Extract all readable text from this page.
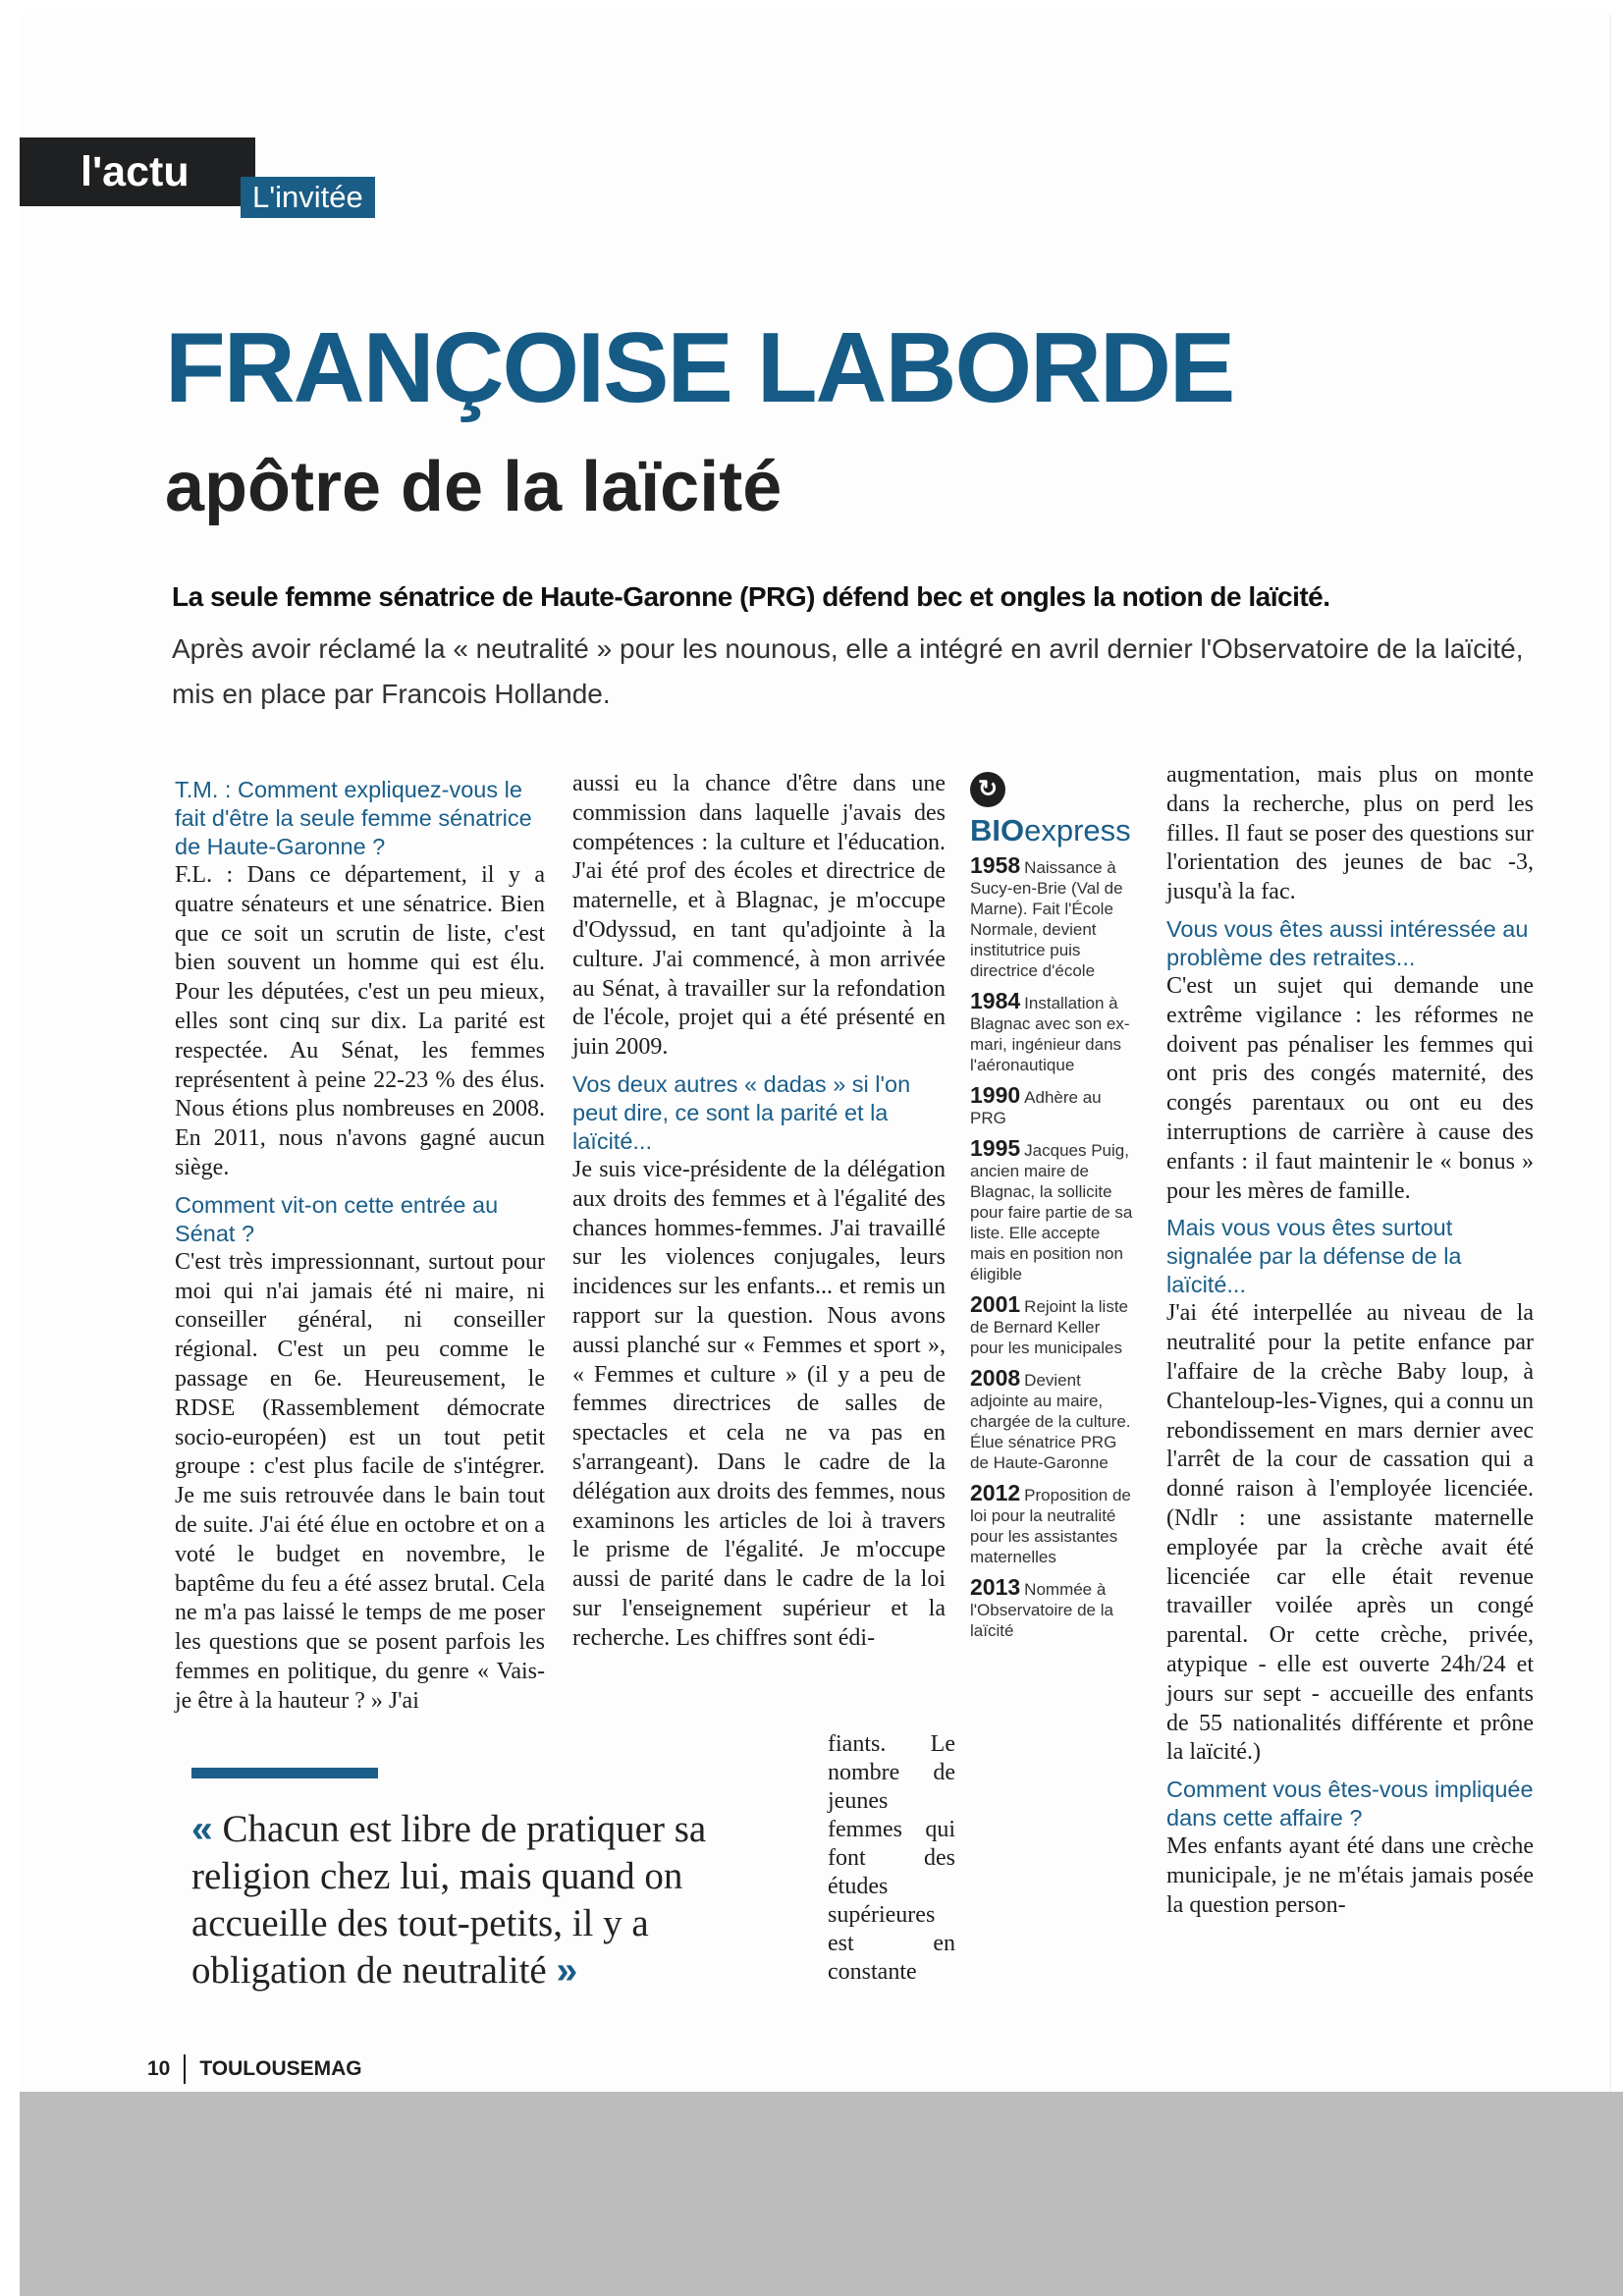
l'actu
L'invitée
FRANÇOISE LABORDE
apôtre de la laïcité

La seule femme sénatrice de Haute-Garonne (PRG) défend bec et ongles la notion de laïcité.

Après avoir réclamé la « neutralité » pour les nounous, elle a intégré en avril dernier l'Observatoire de la laïcité, mis en place par Francois Hollande.

T.M. : Comment expliquez-vous le fait d'être la seule femme sénatrice de Haute-Garonne ?

F.L. : Dans ce département, il y a quatre sénateurs et une sénatrice. Bien que ce soit un scrutin de liste, c'est bien souvent un homme qui est élu. Pour les députées, c'est un peu mieux, elles sont cinq sur dix. La parité est respectée. Au Sénat, les femmes représentent à peine 22-23 % des élus. Nous étions plus nombreuses en 2008. En 2011, nous n'avons gagné aucun siège.

Comment vit-on cette entrée au Sénat ?

C'est très impressionnant, surtout pour moi qui n'ai jamais été ni maire, ni conseiller général, ni conseiller régional. C'est un peu comme le passage en 6e. Heureusement, le RDSE (Rassemblement démocrate socio-européen) est un tout petit groupe : c'est plus facile de s'intégrer. Je me suis retrouvée dans le bain tout de suite. J'ai été élue en octobre et on a voté le budget en novembre, le baptême du feu a été assez brutal. Cela ne m'a pas laissé le temps de me poser les questions que se posent parfois les femmes en politique, du genre « Vais-je être à la hauteur ? » J'ai

aussi eu la chance d'être dans une commission dans laquelle j'avais des compétences : la culture et l'éducation. J'ai été prof des écoles et directrice de maternelle, et à Blagnac, je m'occupe d'Odyssud, en tant qu'adjointe à la culture. J'ai commencé, à mon arrivée au Sénat, à travailler sur la refondation de l'école, projet qui a été présenté en juin 2009.

Vos deux autres « dadas » si l'on peut dire, ce sont la parité et la laïcité...

Je suis vice-présidente de la délégation aux droits des femmes et à l'égalité des chances hommes-femmes. J'ai travaillé sur les violences conjugales, leurs incidences sur les enfants... et remis un rapport sur la question. Nous avons aussi planché sur « Femmes et sport », « Femmes et culture » (il y a peu de femmes directrices de salles de spectacles et cela ne va pas en s'arrangeant). Dans le cadre de la délégation aux droits des femmes, nous examinons les articles de loi à travers le prisme de l'égalité. Je m'occupe aussi de parité dans le cadre de la loi sur l'enseignement supérieur et la recherche. Les chiffres sont édi-

fiants. Le nombre de jeunes femmes qui font des études supérieures est en constante

↻
BIOexpress
1958 Naissance à Sucy-en-Brie (Val de Marne). Fait l'École Normale, devient institutrice puis directrice d'école
1984 Installation à Blagnac avec son ex-mari, ingénieur dans l'aéronautique
1990 Adhère au PRG
1995 Jacques Puig, ancien maire de Blagnac, la sollicite pour faire partie de sa liste. Elle accepte mais en position non éligible
2001 Rejoint la liste de Bernard Keller pour les municipales
2008 Devient adjointe au maire, chargée de la culture. Élue sénatrice PRG de Haute-Garonne
2012 Proposition de loi pour la neutralité pour les assistantes maternelles
2013 Nommée à l'Observatoire de la laïcité

augmentation, mais plus on monte dans la recherche, plus on perd les filles. Il faut se poser des questions sur l'orientation des jeunes de bac -3, jusqu'à la fac.

Vous vous êtes aussi intéressée au problème des retraites...

C'est un sujet qui demande une extrême vigilance : les réformes ne doivent pas pénaliser les femmes qui ont pris des congés maternité, des congés parentaux ou ont eu des interruptions de carrière à cause des enfants : il faut maintenir le « bonus » pour les mères de famille.

Mais vous vous êtes surtout signalée par la défense de la laïcité...

J'ai été interpellée au niveau de la neutralité pour la petite enfance par l'affaire de la crèche Baby loup, à Chanteloup-les-Vignes, qui a connu un rebondissement en mars dernier avec l'arrêt de la cour de cassation qui a donné raison à l'employée licenciée. (Ndlr : une assistante maternelle employée par la crèche avait été licenciée car elle était revenue travailler voilée après un congé parental. Or cette crèche, privée, atypique - elle est ouverte 24h/24 et jours sur sept - accueille des enfants de 55 nationalités différente et prône la laïcité.)

Comment vous êtes-vous impliquée dans cette affaire ?

Mes enfants ayant été dans une crèche municipale, je ne m'étais jamais posée la question person-

« Chacun est libre de pratiquer sa religion chez lui, mais quand on accueille des tout-petits, il y a obligation de neutralité »
10 TOULOUSEMAG
